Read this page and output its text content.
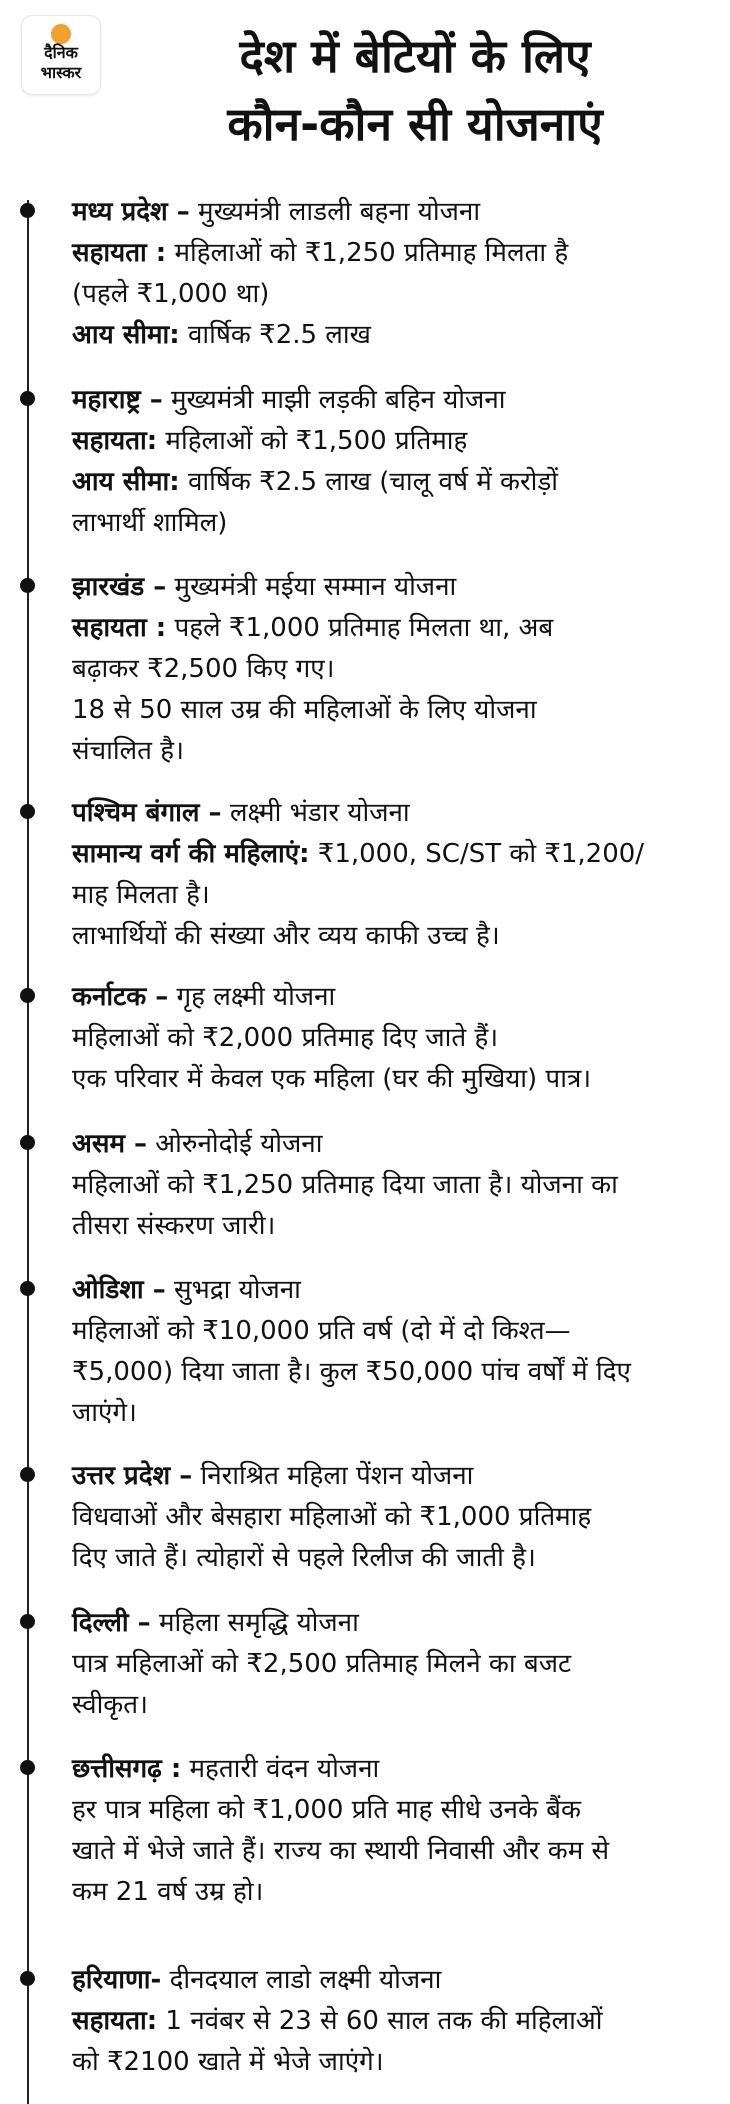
दैनिक
भास्कर	देश में बेटियों के लिए
कौन-कौन सी योजनाएं
मध्य प्रदेश – मुख्यमंत्री लाडली बहना योजना
सहायता : महिलाओं को ₹1,250 प्रतिमाह मिलता है
(पहले ₹1,000 था)
आय सीमा: वार्षिक ₹2.5 लाख
महाराष्ट्र – मुख्यमंत्री माझी लड़की बहिन योजना
सहायता: महिलाओं को ₹1,500 प्रतिमाह
आय सीमा: वार्षिक ₹2.5 लाख (चालू वर्ष में करोड़ों
लाभार्थी शामिल)
झारखंड – मुख्यमंत्री मईया सम्मान योजना
सहायता : पहले ₹1,000 प्रतिमाह मिलता था, अब
बढ़ाकर ₹2,500 किए गए।
18 से 50 साल उम्र की महिलाओं के लिए योजना
संचालित है।
पश्चिम बंगाल – लक्ष्मी भंडार योजना
सामान्य वर्ग की महिलाएं: ₹1,000, SC/ST को ₹1,200/
माह मिलता है।
लाभार्थियों की संख्या और व्यय काफी उच्च है।
कर्नाटक – गृह लक्ष्मी योजना
महिलाओं को ₹2,000 प्रतिमाह दिए जाते हैं।
एक परिवार में केवल एक महिला (घर की मुखिया) पात्र।
असम – ओरुनोदोई योजना
महिलाओं को ₹1,250 प्रतिमाह दिया जाता है। योजना का
तीसरा संस्करण जारी।
ओडिशा – सुभद्रा योजना
महिलाओं को ₹10,000 प्रति वर्ष (दो में दो किश्त—
₹5,000) दिया जाता है। कुल ₹50,000 पांच वर्षों में दिए
जाएंगे।
उत्तर प्रदेश – निराश्रित महिला पेंशन योजना
विधवाओं और बेसहारा महिलाओं को ₹1,000 प्रतिमाह
दिए जाते हैं। त्योहारों से पहले रिलीज की जाती है।
दिल्ली – महिला समृद्धि योजना
पात्र महिलाओं को ₹2,500 प्रतिमाह मिलने का बजट
स्वीकृत।
छत्तीसगढ़ : महतारी वंदन योजना
हर पात्र महिला को ₹1,000 प्रति माह सीधे उनके बैंक
खाते में भेजे जाते हैं। राज्य का स्थायी निवासी और कम से
कम 21 वर्ष उम्र हो।
हरियाणा- दीनदयाल लाडो लक्ष्मी योजना
सहायता: 1 नवंबर से 23 से 60 साल तक की महिलाओं
को ₹2100 खाते में भेजे जाएंगे।
